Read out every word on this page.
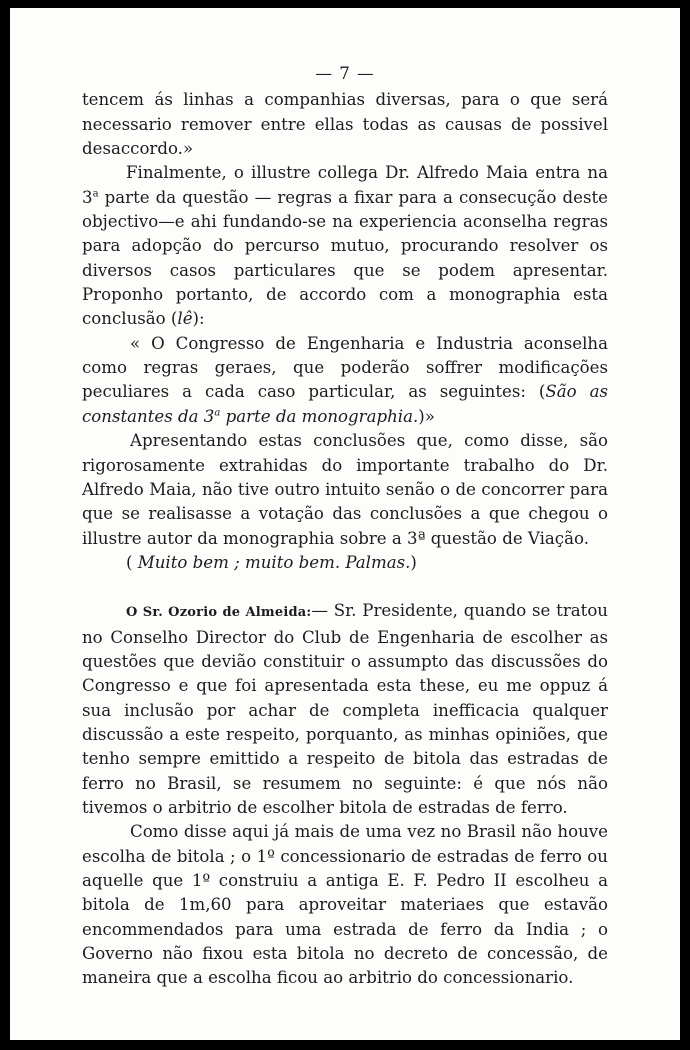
— 7 —

tencem ás linhas a companhias diversas, para o que será necessario remover entre ellas todas as causas de possivel desaccordo.»

Finalmente, o illustre collega Dr. Alfredo Maia entra na 3$^a$ parte da questão — regras a fixar para a consecução deste objectivo—e ahi fundando-se na experiencia aconselha regras para adopção do percurso mutuo, procurando resolver os diversos casos particulares que se podem apresentar. Proponho portanto, de accordo com a monographia esta conclusão (lê):

« O Congresso de Engenharia e Industria aconselha como regras geraes, que poderão soffrer modificações peculiares a cada caso particular, as seguintes: (São as constantes da 3$^a$ parte da monographia.)»

Apresentando estas conclusões que, como disse, são rigorosamente extrahidas do importante trabalho do Dr. Alfredo Maia, não tive outro intuito senão o de concorrer para que se realisasse a votação das conclusões a que chegou o illustre autor da monographia sobre a 3ª questão de Viação.

( Muito bem ; muito bem. Palmas.)

O Sr. Ozorio de Almeida:— Sr. Presidente, quando se tratou no Conselho Director do Club de Engenharia de escolher as questões que devião constituir o assumpto das discussões do Congresso e que foi apresentada esta these, eu me oppuz á sua inclusão por achar de completa inefficacia qualquer discussão a este respeito, porquanto, as minhas opiniões, que tenho sempre emittido a respeito de bitola das estradas de ferro no Brasil, se resumem no seguinte: é que nós não tivemos o arbitrio de escolher bitola de estradas de ferro.

Como disse aqui já mais de uma vez no Brasil não houve escolha de bitola ; o 1º concessionario de estradas de ferro ou aquelle que 1º construiu a antiga E. F. Pedro II escolheu a bitola de 1m,60 para aproveitar materiaes que estavão encommendados para uma estrada de ferro da India ; o Governo não fixou esta bitola no decreto de concessão, de maneira que a escolha ficou ao arbitrio do concessionario.
